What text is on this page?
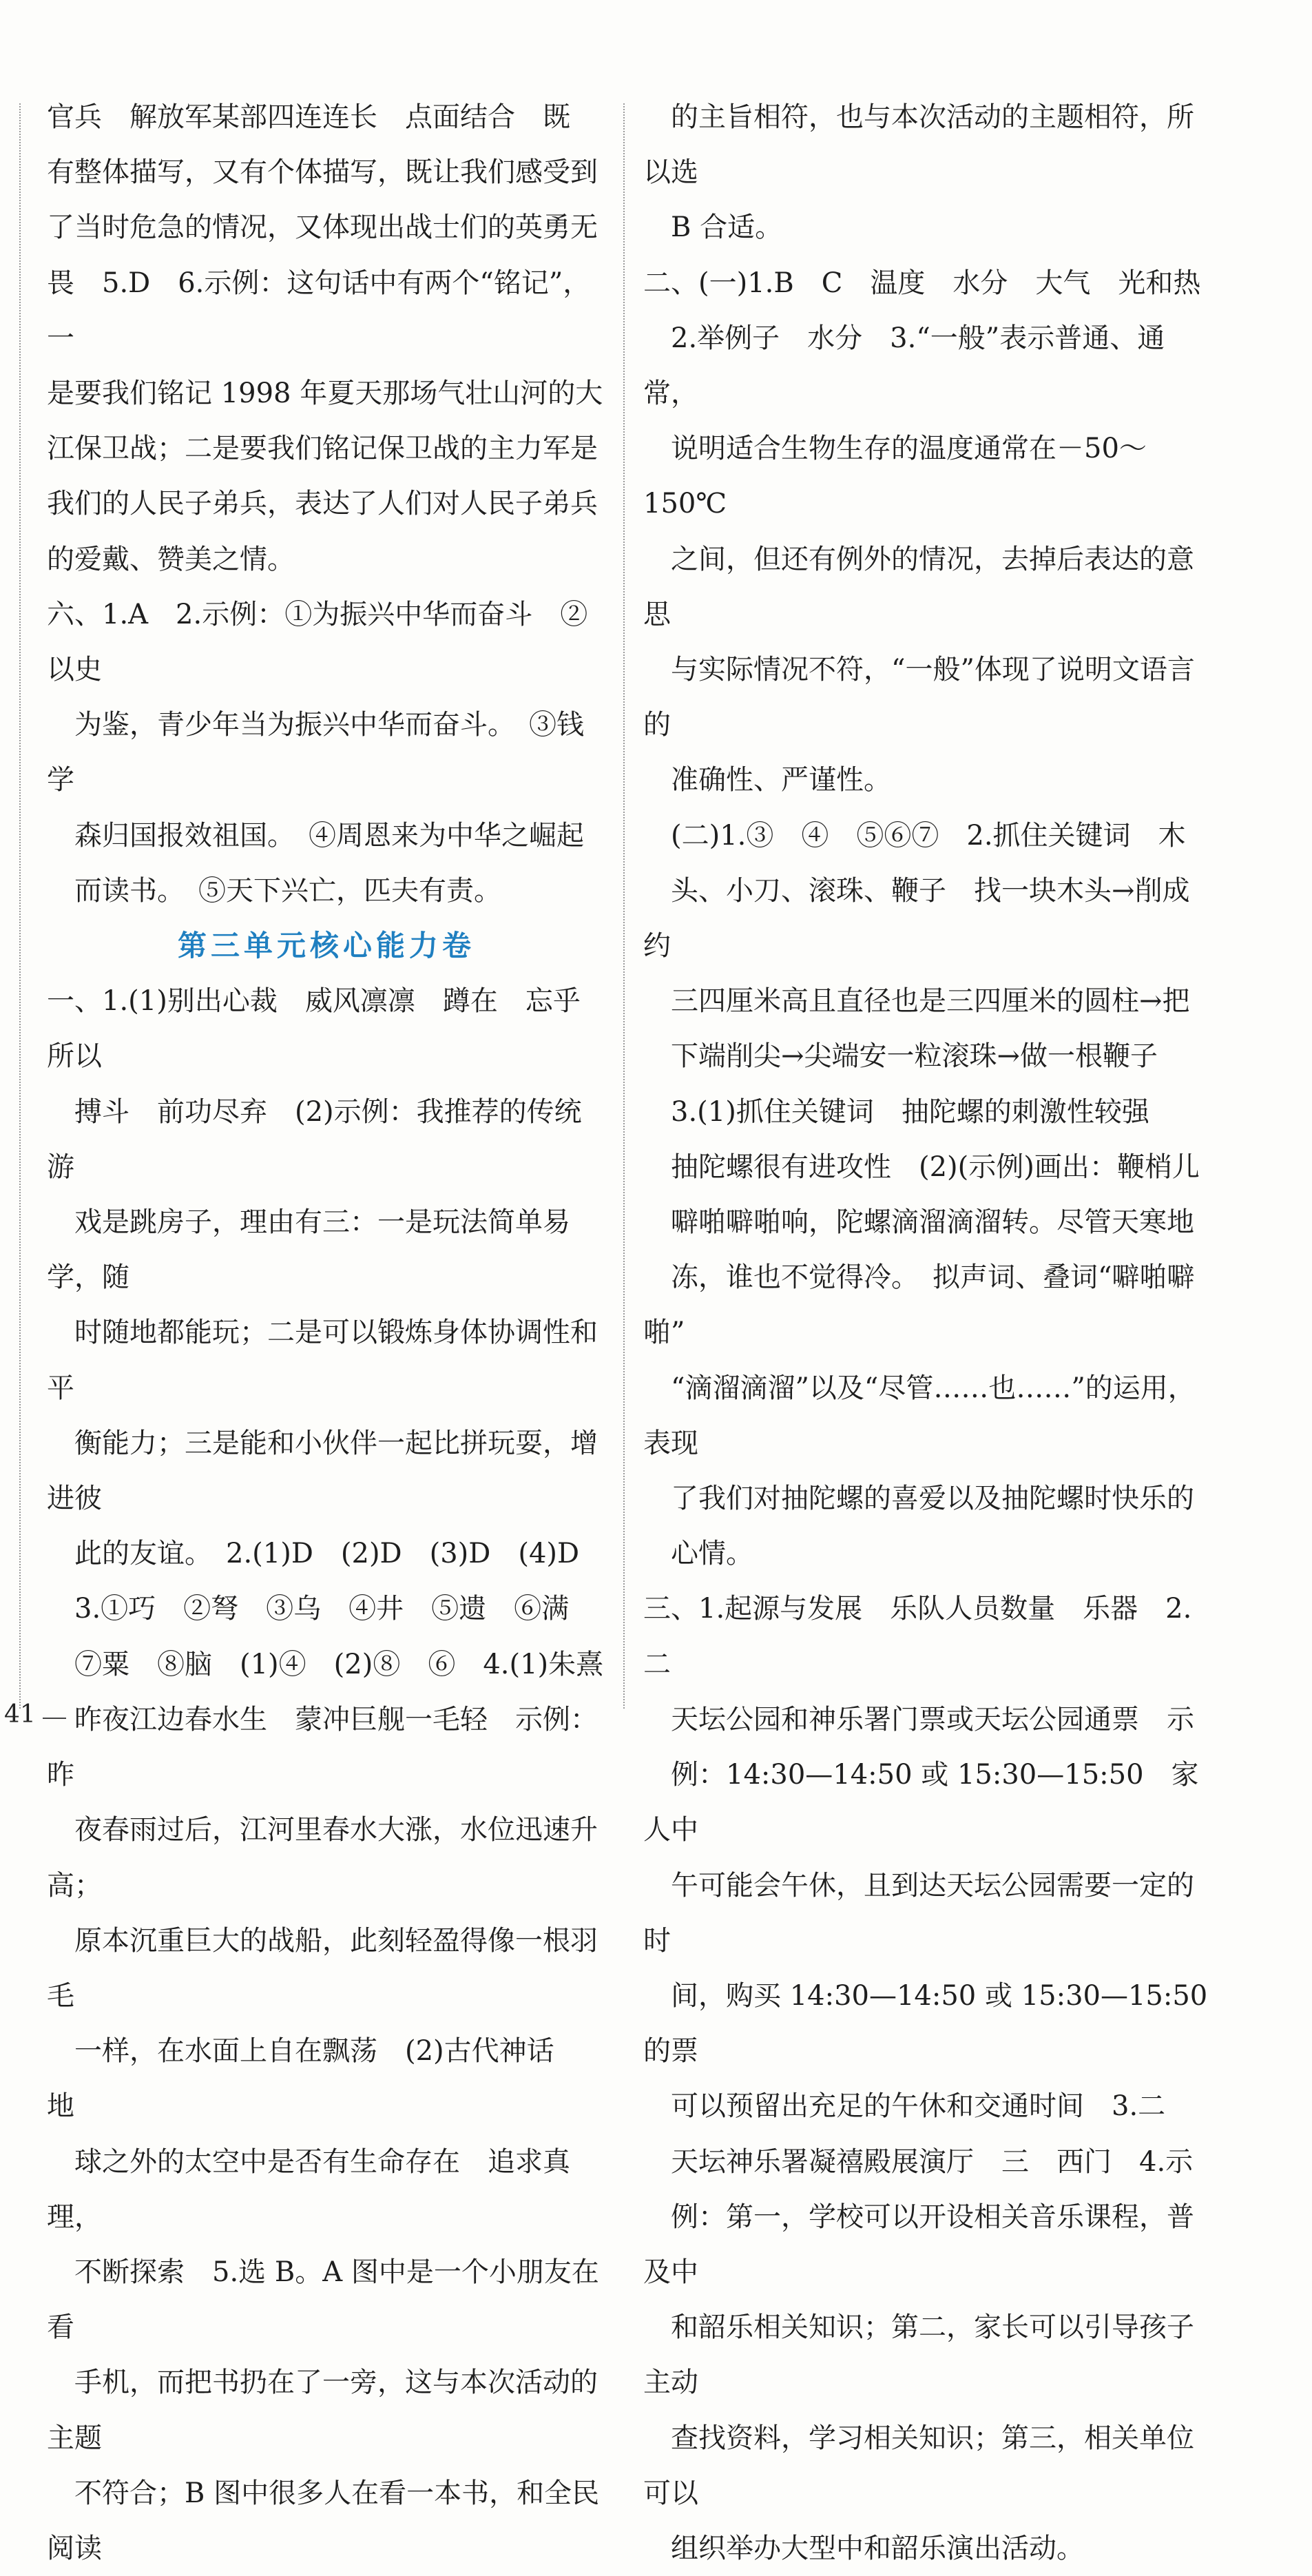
官兵　解放军某部四连连长　点面结合　既
有整体描写，又有个体描写，既让我们感受到
了当时危急的情况，又体现出战士们的英勇无
畏　5.D　6.示例：这句话中有两个“铭记”，一
是要我们铭记 1998 年夏天那场气壮山河的大
江保卫战；二是要我们铭记保卫战的主力军是
我们的人民子弟兵，表达了人们对人民子弟兵
的爱戴、赞美之情。
六、1.A　2.示例：①为振兴中华而奋斗　②以史
　为鉴，青少年当为振兴中华而奋斗。　③钱学
　森归国报效祖国。　④周恩来为中华之崛起
　而读书。　⑤天下兴亡，匹夫有责。
第三单元核心能力卷
一、1.(1)别出心裁　威风凛凛　蹲在　忘乎所以
　搏斗　前功尽弃　(2)示例：我推荐的传统游
　戏是跳房子，理由有三：一是玩法简单易学，随
　时随地都能玩；二是可以锻炼身体协调性和平
　衡能力；三是能和小伙伴一起比拼玩耍，增进彼
　此的友谊。　2.(1)D　(2)D　(3)D　(4)D
　3.①巧　②弩　③乌　④井　⑤遗　⑥满
　⑦粟　⑧脑　(1)④　(2)⑧　⑥　4.(1)朱熹
　昨夜江边春水生　蒙冲巨舰一毛轻　示例：昨
　夜春雨过后，江河里春水大涨，水位迅速升高；
　原本沉重巨大的战船，此刻轻盈得像一根羽毛
　一样，在水面上自在飘荡　(2)古代神话　地
　球之外的太空中是否有生命存在　追求真理，
　不断探索　5.选 B。A 图中是一个小朋友在看
　手机，而把书扔在了一旁，这与本次活动的主题
　不符合；B 图中很多人在看一本书，和全民阅读
　的主旨相符，也与本次活动的主题相符，所以选
　B 合适。
二、(一)1.B　C　温度　水分　大气　光和热
　2.举例子　水分　3.“一般”表示普通、通常，
　说明适合生物生存的温度通常在－50～150℃
　之间，但还有例外的情况，去掉后表达的意思
　与实际情况不符，“一般”体现了说明文语言的
　准确性、严谨性。
　(二)1.③　④　⑤⑥⑦　2.抓住关键词　木
　头、小刀、滚珠、鞭子　找一块木头→削成约
　三四厘米高且直径也是三四厘米的圆柱→把
　下端削尖→尖端安一粒滚珠→做一根鞭子
　3.(1)抓住关键词　抽陀螺的刺激性较强
　抽陀螺很有进攻性　(2)(示例)画出：鞭梢儿
　噼啪噼啪响，陀螺滴溜滴溜转。尽管天寒地
　冻，谁也不觉得冷。　拟声词、叠词“噼啪噼啪”
　“滴溜滴溜”以及“尽管……也……”的运用，表现
　了我们对抽陀螺的喜爱以及抽陀螺时快乐的
　心情。
三、1.起源与发展　乐队人员数量　乐器　2.二
　天坛公园和神乐署门票或天坛公园通票　示
　例：14:30—14:50 或 15:30—15:50　家人中
　午可能会午休，且到达天坛公园需要一定的时
　间，购买 14:30—14:50 或 15:30—15:50 的票
　可以预留出充足的午休和交通时间　3.二
　天坛神乐署凝禧殿展演厅　三　西门　4.示
　例：第一，学校可以开设相关音乐课程，普及中
　和韶乐相关知识；第二，家长可以引导孩子主动
　查找资料，学习相关知识；第三，相关单位可以
　组织举办大型中和韶乐演出活动。
41
